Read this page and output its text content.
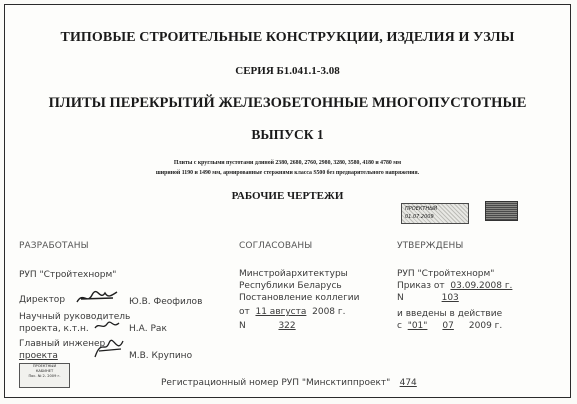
ТИПОВЫЕ СТРОИТЕЛЬНЫЕ КОНСТРУКЦИИ, ИЗДЕЛИЯ И УЗЛЫ
СЕРИЯ Б1.041.1-3.08
ПЛИТЫ ПЕРЕКРЫТИЙ ЖЕЛЕЗОБЕТОННЫЕ МНОГОПУСТОТНЫЕ
ВЫПУСК 1
Плиты с круглыми пустотами длиной 2380, 2680, 2760, 2980, 3280, 3580, 4180 и 4780 мм
шириной 1190 и 1490 мм, армированные стержнями класса S500 без предварительного напряжения.
РАБОЧИЕ ЧЕРТЕЖИ
ПРОЕКТНЫЙ
01.07.2009
РАЗРАБОТАНЫ
РУП "Стройтехнорм"
Директор	Ю.В. Феофилов
Научный руководитель
проекта, к.т.н.	Н.А. Рак
Главный инженер
проекта	М.В. Крупино
ПРОЕКТНЫЙ
КАБИНЕТ
Пос. № 2- 2009 г.
СОГЛАСОВАНЫ
Минстройархитектуры
Республики Беларусь
Постановление коллегии
от 11 августа 2008 г.
N	322
УТВЕРЖДЕНЫ
РУП "Стройтехнорм"
Приказ от 03.09.2008 г.
N	103
и введены в действие
с "01" 07 2009 г.
Регистрационный номер РУП "Минсктиппроект" 474
